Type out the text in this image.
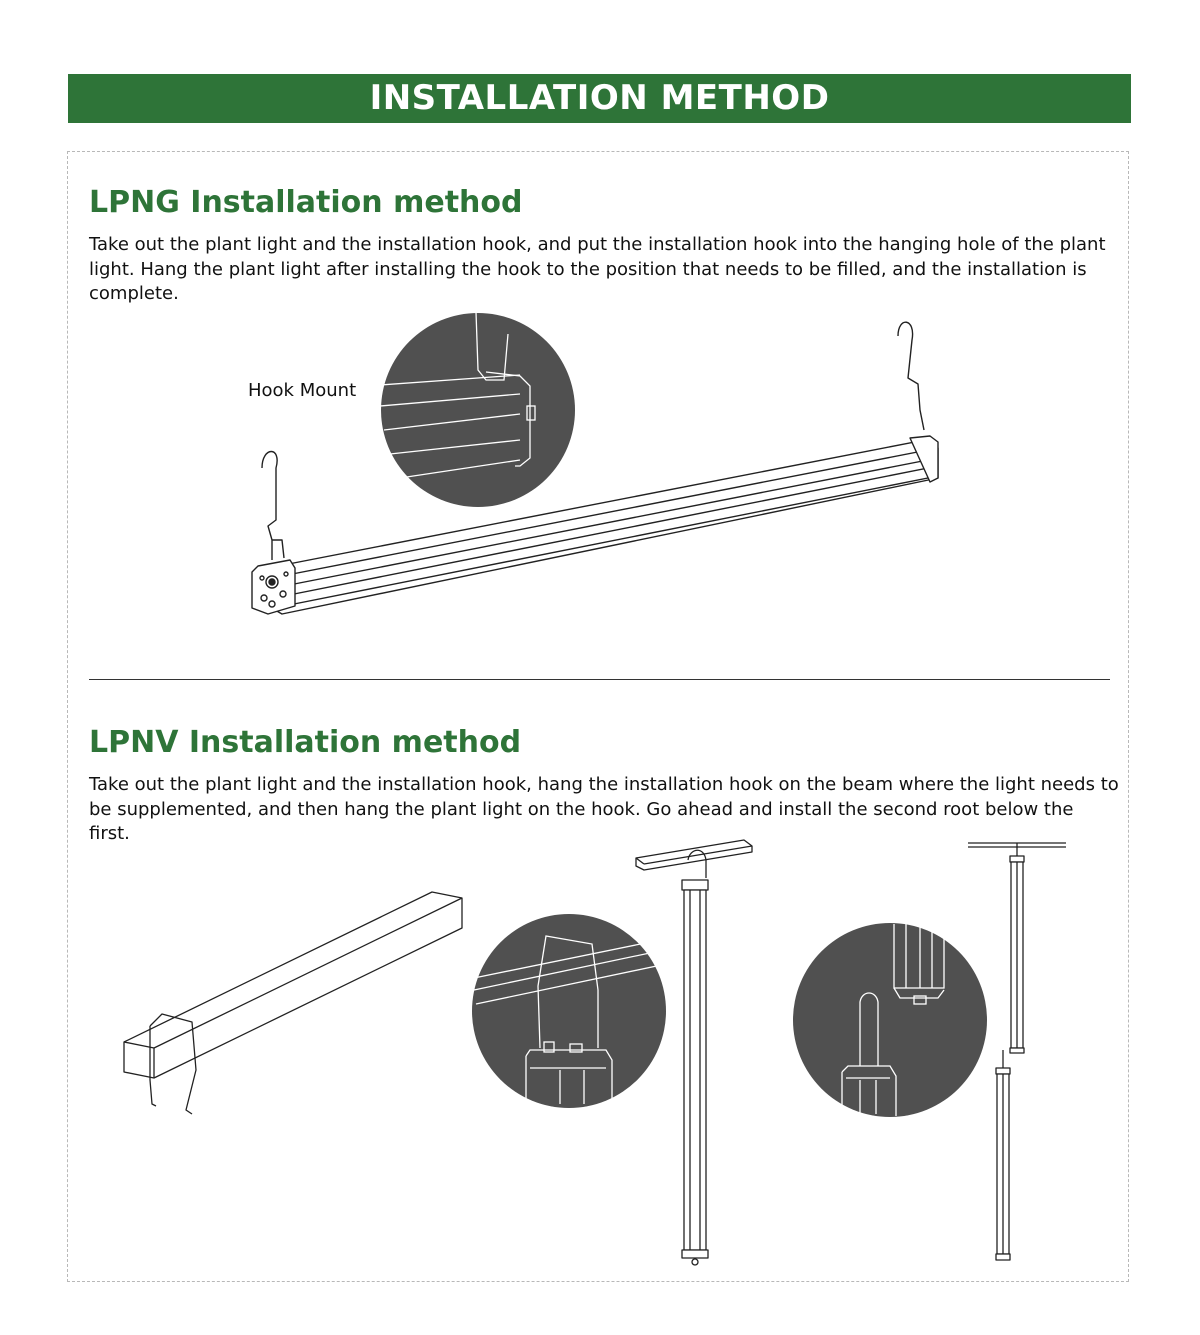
INSTALLATION METHOD
LPNG Installation method

Take out the plant light and the installation hook, and put the installation hook into the hanging hole of the plant light. Hang the plant light after installing the hook to the position that needs to be filled, and the installation is complete.

Hook Mount
LPNV Installation method

Take out the plant light and the installation hook, hang the installation hook on the beam where the light needs to be supplemented, and then hang the plant light on the hook. Go ahead and install the second root below the first.
